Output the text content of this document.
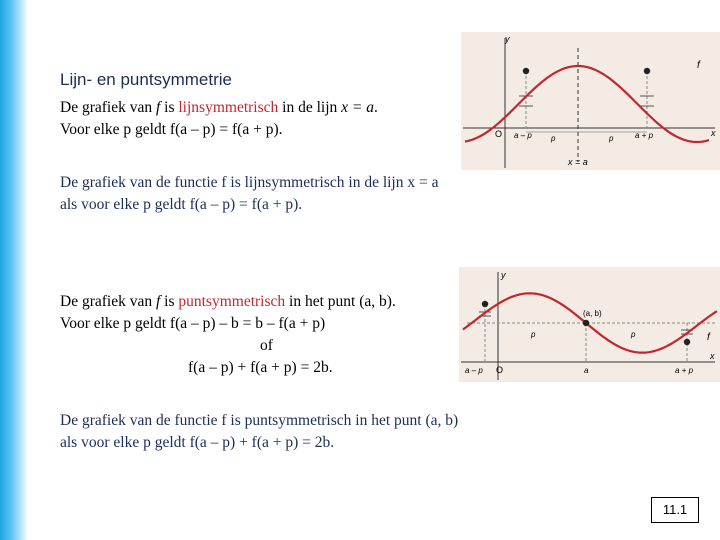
Lijn- en puntsymmetrie
De grafiek van f is lijnsymmetrisch in de lijn x = a.
Voor elke p geldt f(a – p) = f(a + p).
De grafiek van de functie f is lijnsymmetrisch in de lijn x = a
als voor elke p geldt f(a – p) = f(a + p).
De grafiek van f is puntsymmetrisch in het punt (a, b).
Voor elke p geldt f(a – p) – b = b – f(a + p)
of
f(a – p) + f(a + p) = 2b.
De grafiek van de functie f is puntsymmetrisch in het punt (a, b)
als voor elke p geldt f(a – p) + f(a + p) = 2b.
y
x
f
O a – p p	p	a + p
x = a
y
x
f
O
(a, b)
p	p
a – p	a	a + p
11.1
